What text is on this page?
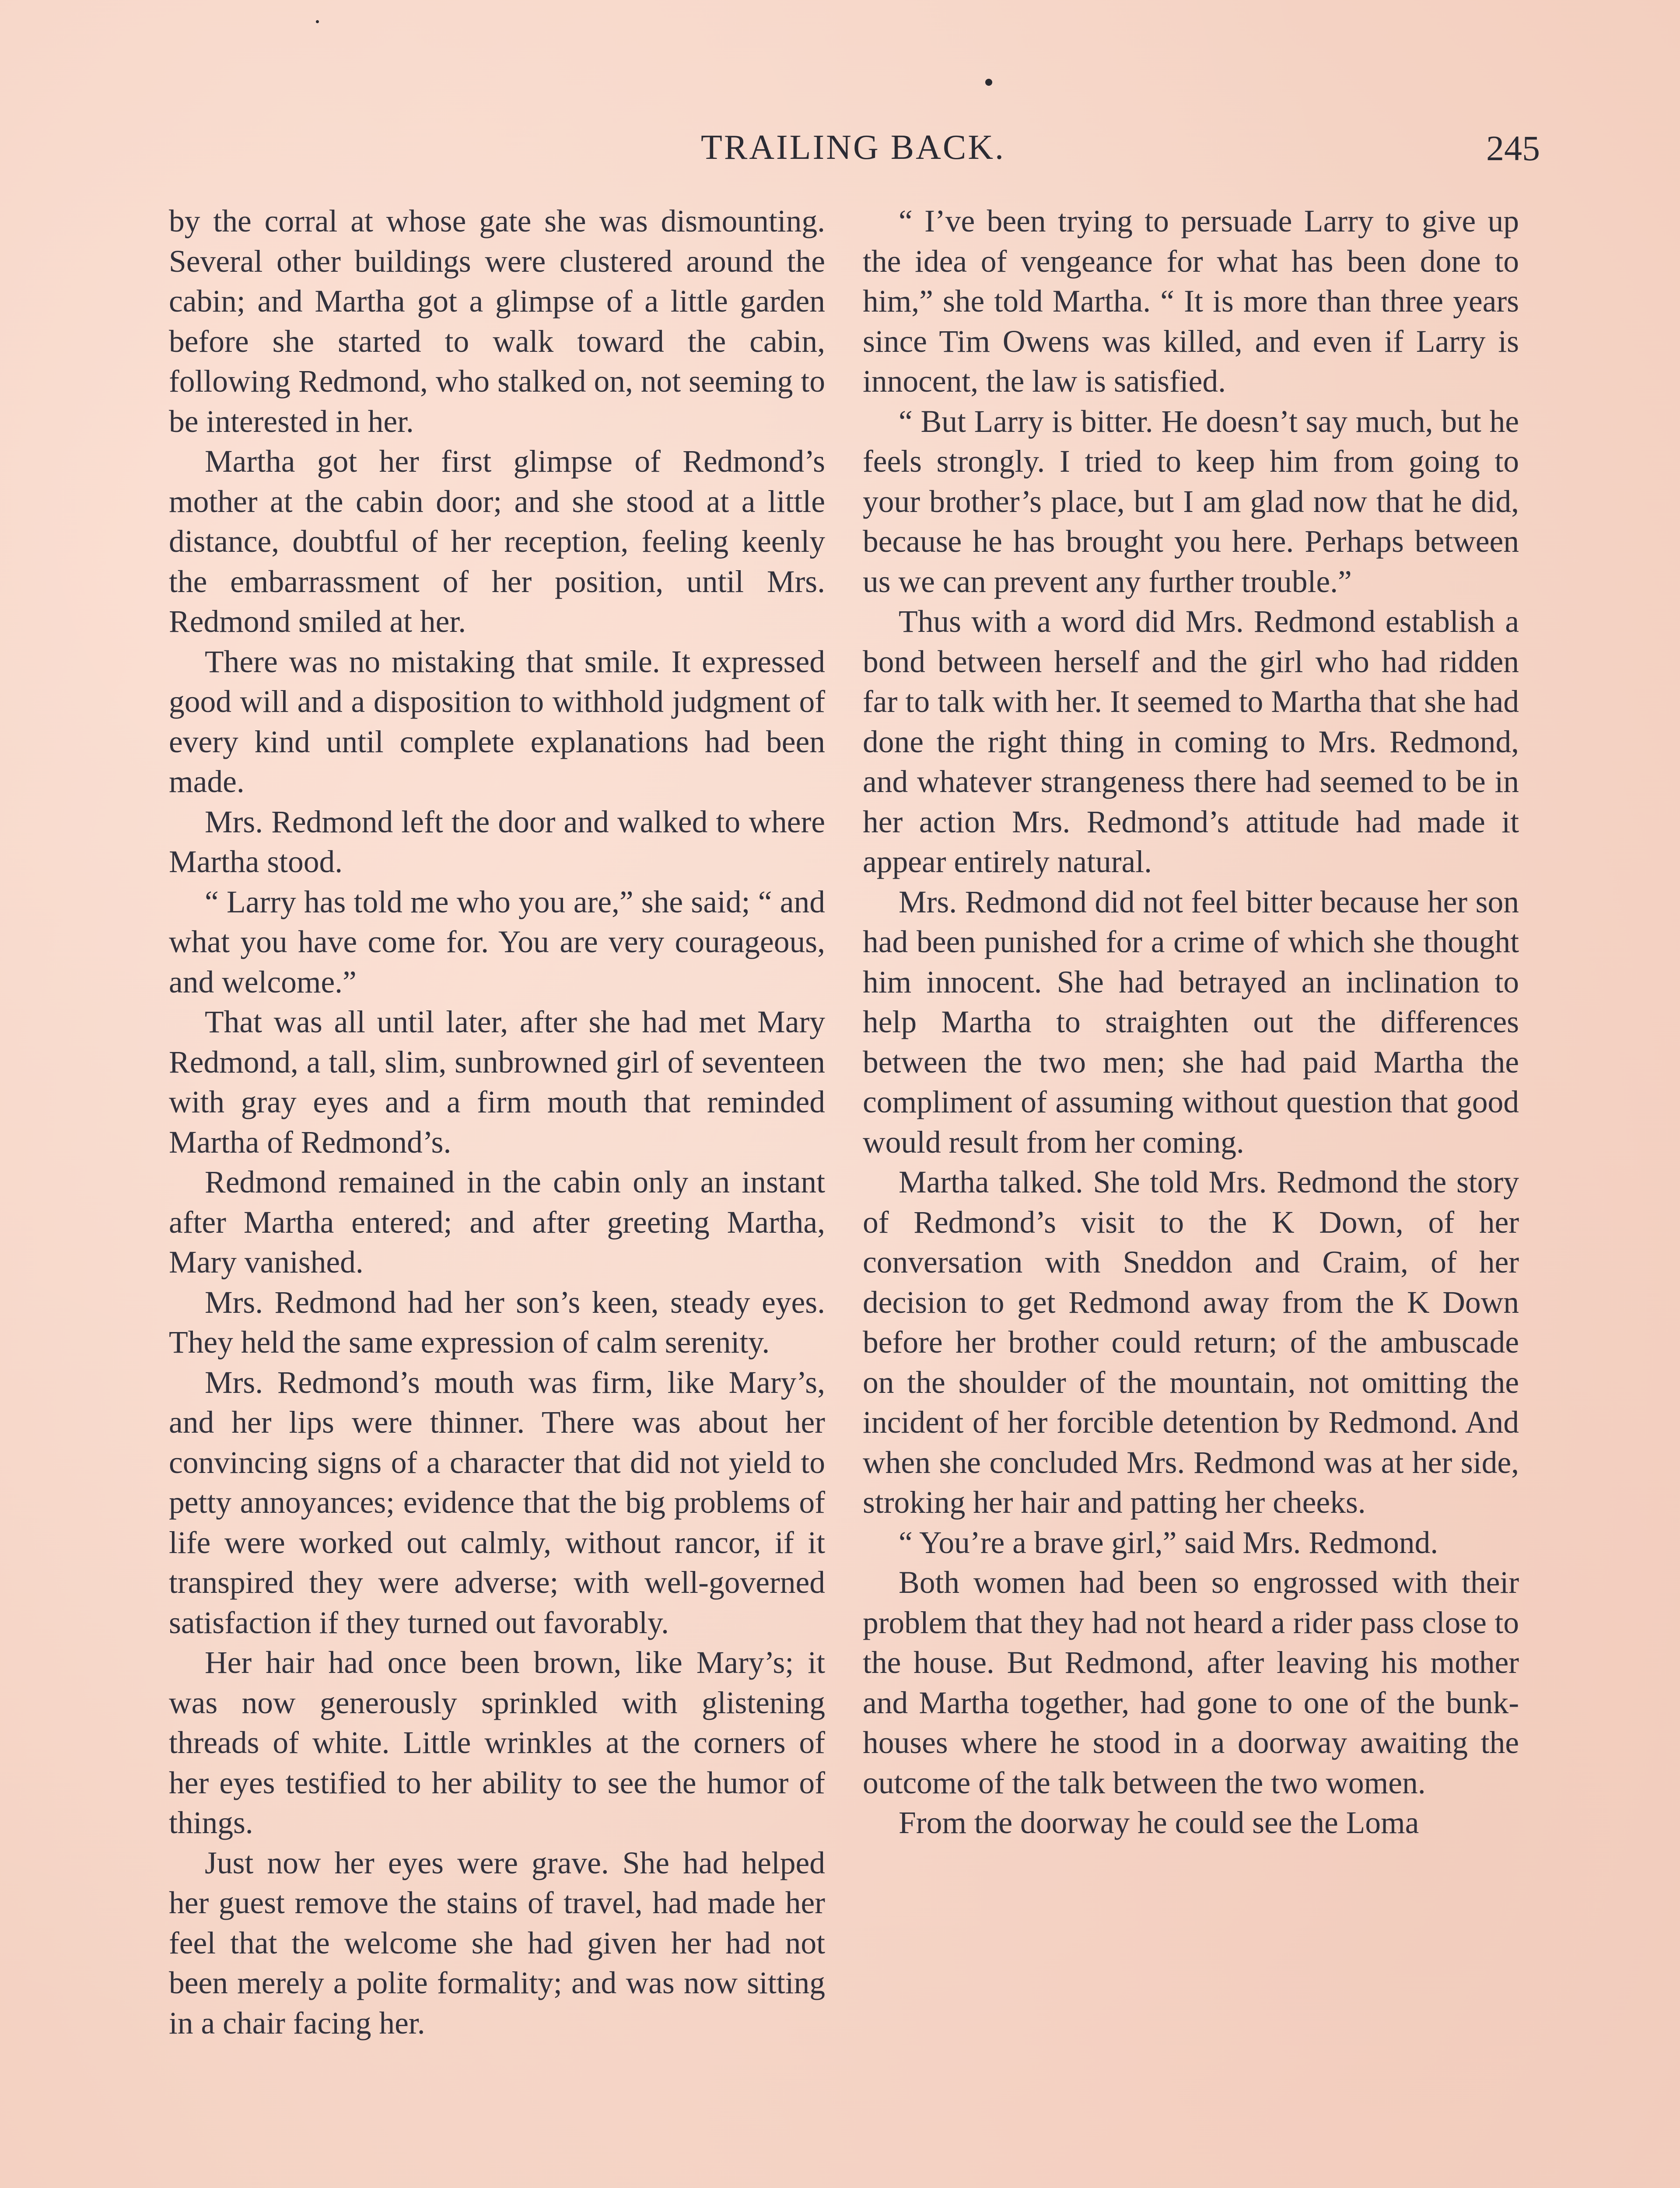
TRAILING BACK.	245

by the corral at whose gate she was dismounting. Several other buildings were clustered around the cabin; and Martha got a glimpse of a little garden before she started to walk toward the cabin, following Redmond, who stalked on, not seeming to be interested in her.

Martha got her first glimpse of Redmond’s mother at the cabin door; and she stood at a little distance, doubtful of her reception, feeling keenly the embarrassment of her position, until Mrs. Redmond smiled at her.

There was no mistaking that smile. It expressed good will and a disposition to withhold judgment of every kind until complete explanations had been made.

Mrs. Redmond left the door and walked to where Martha stood.

“ Larry has told me who you are,” she said; “ and what you have come for. You are very courageous, and welcome.”

That was all until later, after she had met Mary Redmond, a tall, slim, sunbrowned girl of seventeen with gray eyes and a firm mouth that reminded Martha of Redmond’s.

Redmond remained in the cabin only an instant after Martha entered; and after greeting Martha, Mary vanished.

Mrs. Redmond had her son’s keen, steady eyes. They held the same expression of calm serenity.

Mrs. Redmond’s mouth was firm, like Mary’s, and her lips were thinner. There was about her convincing signs of a character that did not yield to petty annoyances; evidence that the big problems of life were worked out calmly, without rancor, if it transpired they were adverse; with well-governed satisfaction if they turned out favorably.

Her hair had once been brown, like Mary’s; it was now generously sprinkled with glistening threads of white. Little wrinkles at the corners of her eyes testified to her ability to see the humor of things.

Just now her eyes were grave. She had helped her guest remove the stains of travel, had made her feel that the welcome she had given her had not been merely a polite formality; and was now sitting in a chair facing her.

“ I’ve been trying to persuade Larry to give up the idea of vengeance for what has been done to him,” she told Martha. “ It is more than three years since Tim Owens was killed, and even if Larry is innocent, the law is satisfied.

“ But Larry is bitter. He doesn’t say much, but he feels strongly. I tried to keep him from going to your brother’s place, but I am glad now that he did, because he has brought you here. Perhaps between us we can prevent any further trouble.”

Thus with a word did Mrs. Redmond establish a bond between herself and the girl who had ridden far to talk with her. It seemed to Martha that she had done the right thing in coming to Mrs. Redmond, and whatever strangeness there had seemed to be in her action Mrs. Redmond’s attitude had made it appear entirely natural.

Mrs. Redmond did not feel bitter because her son had been punished for a crime of which she thought him innocent. She had betrayed an inclination to help Martha to straighten out the differences between the two men; she had paid Martha the compliment of assuming without question that good would result from her coming.

Martha talked. She told Mrs. Redmond the story of Redmond’s visit to the K Down, of her conversation with Sneddon and Craim, of her decision to get Redmond away from the K Down before her brother could return; of the ambuscade on the shoulder of the mountain, not omitting the incident of her forcible detention by Redmond. And when she concluded Mrs. Redmond was at her side, stroking her hair and patting her cheeks.

“ You’re a brave girl,” said Mrs. Redmond.

Both women had been so engrossed with their problem that they had not heard a rider pass close to the house. But Redmond, after leaving his mother and Martha together, had gone to one of the bunkhouses where he stood in a doorway awaiting the outcome of the talk between the two women.

From the doorway he could see the Loma
